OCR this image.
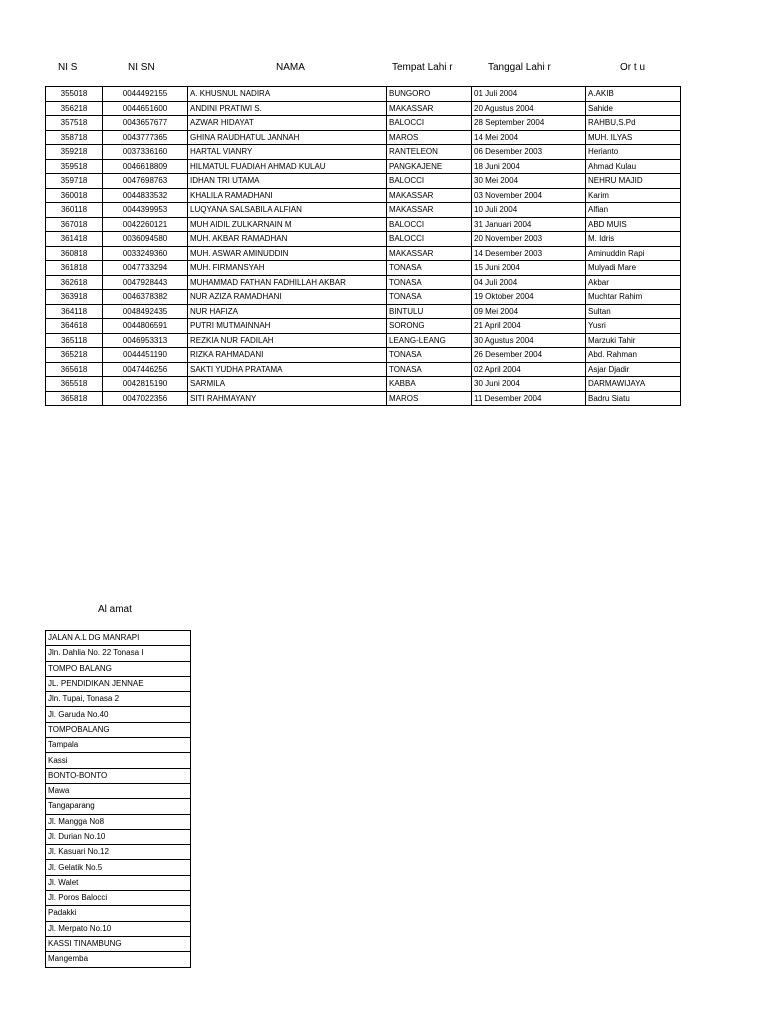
NI S	NI SN	NAMA	Tempat Lahi r	Tanggal Lahi r	Or t u
355018	0044492155	A. KHUSNUL NADIRA	BUNGORO	01 Juli 2004	A.AKIB
356218	0044651600	ANDINI PRATIWI S.	MAKASSAR	20 Agustus 2004	Sahide
357518	0043657677	AZWAR HIDAYAT	BALOCCI	28 September 2004	RAHBU,S.Pd
358718	0043777365	GHINA RAUDHATUL JANNAH	MAROS	14 Mei 2004	MUH. ILYAS
359218	0037336160	HARTAL VIANRY	RANTELEON	06 Desember 2003	Herianto
359518	0046618809	HILMATUL FUADIAH AHMAD KULAU	PANGKAJENE	18 Juni 2004	Ahmad Kulau
359718	0047698763	IDHAN TRI UTAMA	BALOCCI	30 Mei 2004	NEHRU MAJID
360018	0044833532	KHALILA RAMADHANI	MAKASSAR	03 November 2004	Karim
360118	0044399953	LUQYANA SALSABILA ALFIAN	MAKASSAR	10 Juli 2004	Alfian
367018	0042260121	MUH AIDIL ZULKARNAIN M	BALOCCI	31 Januari 2004	ABD MUIS
361418	0036094580	MUH. AKBAR RAMADHAN	BALOCCI	20 November 2003	M. Idris
360818	0033249360	MUH. ASWAR AMINUDDIN	MAKASSAR	14 Desember 2003	Aminuddin Rapi
361818	0047733294	MUH. FIRMANSYAH	TONASA	15 Juni 2004	Mulyadi Mare
362618	0047928443	MUHAMMAD FATHAN FADHILLAH AKBAR	TONASA	04 Juli 2004	Akbar
363918	0046378382	NUR AZIZA RAMADHANI	TONASA	19 Oktober 2004	Muchtar Rahim
364118	0048492435	NUR HAFIZA	BINTULU	09 Mei 2004	Sultan
364618	0044806591	PUTRI MUTMAINNAH	SORONG	21 April 2004	Yusri
365118	0046953313	REZKIA NUR FADILAH	LEANG-LEANG	30 Agustus 2004	Marzuki Tahir
365218	0044451190	RIZKA RAHMADANI	TONASA	26 Desember 2004	Abd. Rahman
365618	0047446256	SAKTI YUDHA PRATAMA	TONASA	02 April 2004	Asjar Djadir
365518	0042815190	SARMILA	KABBA	30 Juni 2004	DARMAWIJAYA
365818	0047022356	SITI RAHMAYANY	MAROS	11 Desember 2004	Badru Siatu
Al amat
JALAN A.L DG MANRAPI
Jln. Dahlia No. 22 Tonasa I
TOMPO BALANG
JL. PENDIDIKAN JENNAE
Jln. Tupai, Tonasa 2
Jl. Garuda No.40
TOMPOBALANG
Tampala
Kassi
BONTO-BONTO
Mawa
Tangaparang
Jl. Mangga No8
Jl. Durian No.10
Jl. Kasuari No.12
Jl. Gelatik No.5
Jl. Walet
Jl. Poros Balocci
Padakki
Jl. Merpato No.10
KASSI TINAMBUNG
Mangemba
